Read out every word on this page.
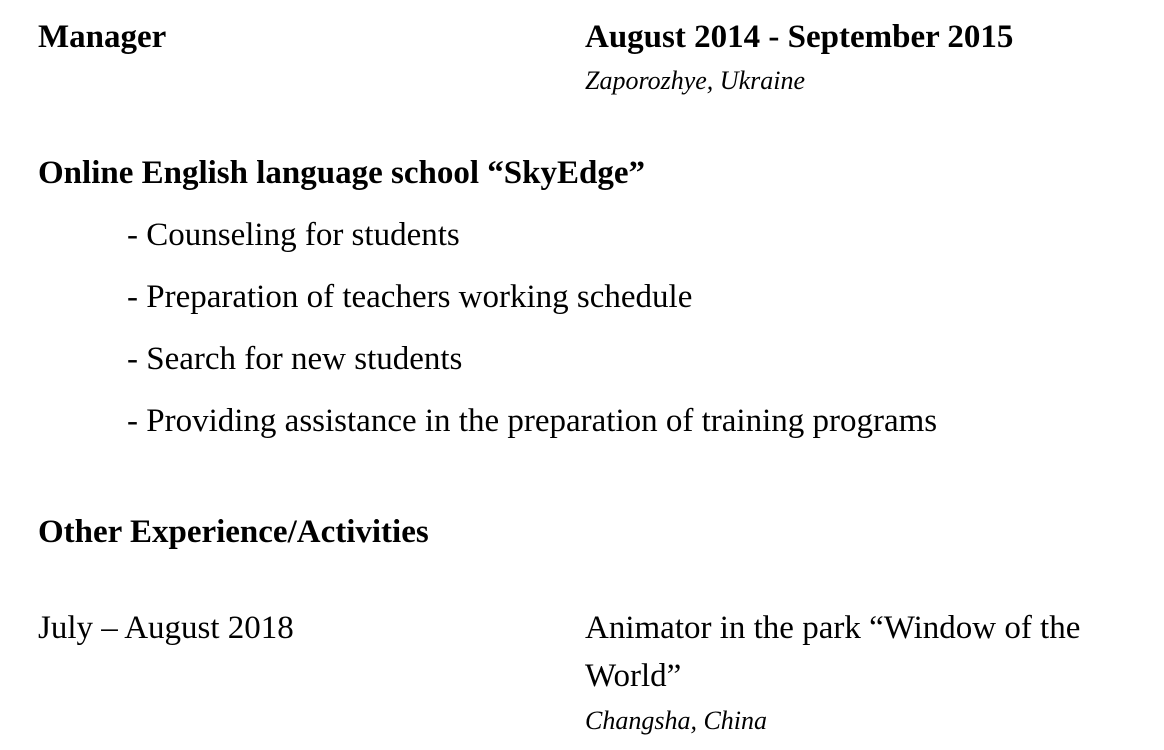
Manager	August 2014 - September 2015
Zaporozhye, Ukraine
Online English language school “SkyEdge”
- Counseling for students
- Preparation of teachers working schedule
- Search for new students
- Providing assistance in the preparation of training programs
Other Experience/Activities
July – August 2018	Animator in the park “Window of the
World”
Changsha, China
